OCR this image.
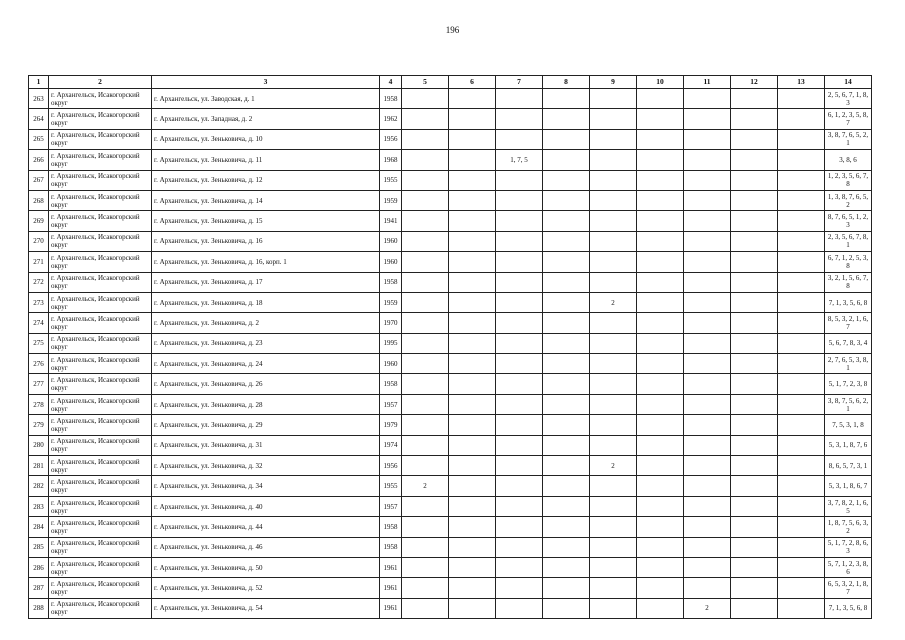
196
1	2	3	4	5	6	7	8	9	10	11	12	13	14
263	г. Архангельск, Исакогорский округ	г. Архангельск, ул. Заводская, д. 1	1958										2, 5, 6, 7, 1, 8, 3
264	г. Архангельск, Исакогорский округ	г. Архангельск, ул. Западная, д. 2	1962										6, 1, 2, 3, 5, 8, 7
265	г. Архангельск, Исакогорский округ	г. Архангельск, ул. Зеньковича, д. 10	1956										3, 8, 7, 6, 5, 2, 1
266	г. Архангельск, Исакогорский округ	г. Архангельск, ул. Зеньковича, д. 11	1968			1, 7, 5							3, 8, 6
267	г. Архангельск, Исакогорский округ	г. Архангельск, ул. Зеньковича, д. 12	1955										1, 2, 3, 5, 6, 7, 8
268	г. Архангельск, Исакогорский округ	г. Архангельск, ул. Зеньковича, д. 14	1959										1, 3, 8, 7, 6, 5, 2
269	г. Архангельск, Исакогорский округ	г. Архангельск, ул. Зеньковича, д. 15	1941										8, 7, 6, 5, 1, 2, 3
270	г. Архангельск, Исакогорский округ	г. Архангельск, ул. Зеньковича, д. 16	1960										2, 3, 5, 6, 7, 8, 1
271	г. Архангельск, Исакогорский округ	г. Архангельск, ул. Зеньковича, д. 16, корп. 1	1960										6, 7, 1, 2, 5, 3, 8
272	г. Архангельск, Исакогорский округ	г. Архангельск, ул. Зеньковича, д. 17	1958										3, 2, 1, 5, 6, 7, 8
273	г. Архангельск, Исакогорский округ	г. Архангельск, ул. Зеньковича, д. 18	1959					2					7, 1, 3, 5, 6, 8
274	г. Архангельск, Исакогорский округ	г. Архангельск, ул. Зеньковича, д. 2	1970										8, 5, 3, 2, 1, 6, 7
275	г. Архангельск, Исакогорский округ	г. Архангельск, ул. Зеньковича, д. 23	1995										5, 6, 7, 8, 3, 4
276	г. Архангельск, Исакогорский округ	г. Архангельск, ул. Зеньковича, д. 24	1960										2, 7, 6, 5, 3, 8, 1
277	г. Архангельск, Исакогорский округ	г. Архангельск, ул. Зеньковича, д. 26	1958										5, 1, 7, 2, 3, 8
278	г. Архангельск, Исакогорский округ	г. Архангельск, ул. Зеньковича, д. 28	1957										3, 8, 7, 5, 6, 2, 1
279	г. Архангельск, Исакогорский округ	г. Архангельск, ул. Зеньковича, д. 29	1979										7, 5, 3, 1, 8
280	г. Архангельск, Исакогорский округ	г. Архангельск, ул. Зеньковича, д. 31	1974										5, 3, 1, 8, 7, 6
281	г. Архангельск, Исакогорский округ	г. Архангельск, ул. Зеньковича, д. 32	1956					2					8, 6, 5, 7, 3, 1
282	г. Архангельск, Исакогорский округ	г. Архангельск, ул. Зеньковича, д. 34	1955	2									5, 3, 1, 8, 6, 7
283	г. Архангельск, Исакогорский округ	г. Архангельск, ул. Зеньковича, д. 40	1957										3, 7, 8, 2, 1, 6, 5
284	г. Архангельск, Исакогорский округ	г. Архангельск, ул. Зеньковича, д. 44	1958										1, 8, 7, 5, 6, 3, 2
285	г. Архангельск, Исакогорский округ	г. Архангельск, ул. Зеньковича, д. 46	1958										5, 1, 7, 2, 8, 6, 3
286	г. Архангельск, Исакогорский округ	г. Архангельск, ул. Зеньковича, д. 50	1961										5, 7, 1, 2, 3, 8, 6
287	г. Архангельск, Исакогорский округ	г. Архангельск, ул. Зеньковича, д. 52	1961										6, 5, 3, 2, 1, 8, 7
288	г. Архангельск, Исакогорский округ	г. Архангельск, ул. Зеньковича, д. 54	1961							2			7, 1, 3, 5, 6, 8
